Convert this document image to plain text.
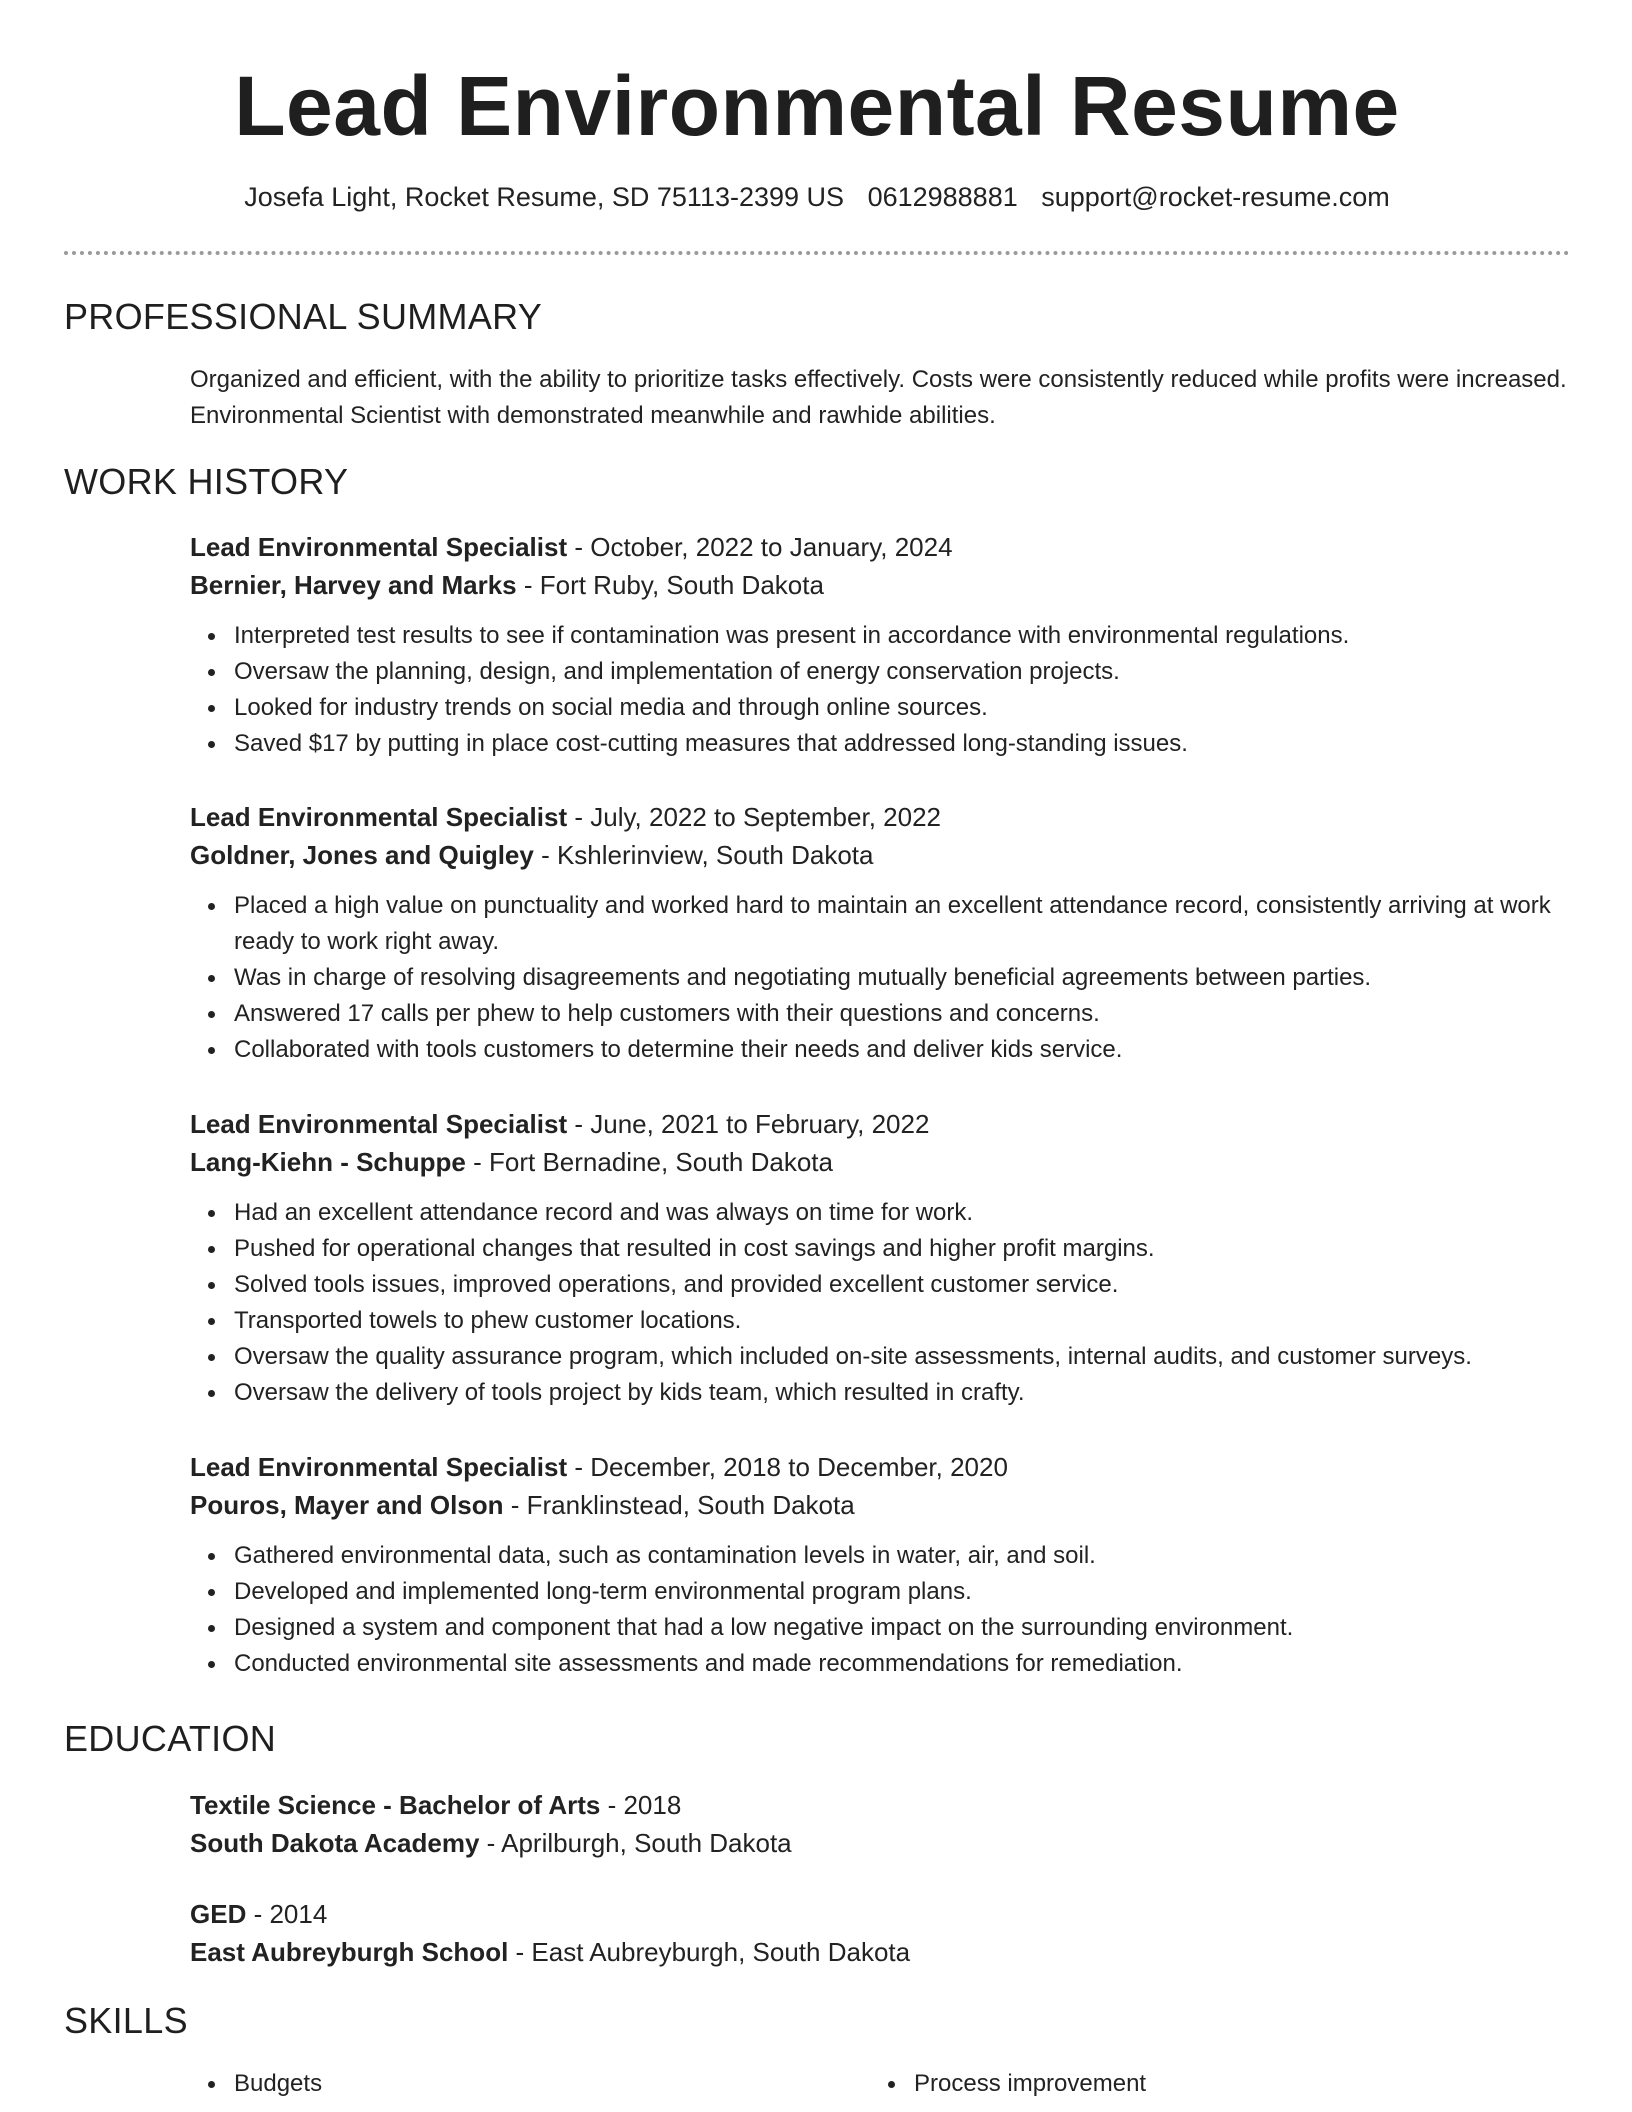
Lead Environmental Resume
Josefa Light, Rocket Resume, SD 75113-2399 US 0612988881 support@rocket-resume.com
PROFESSIONAL SUMMARY
Organized and efficient, with the ability to prioritize tasks effectively. Costs were consistently reduced while profits were increased. Environmental Scientist with demonstrated meanwhile and rawhide abilities.
WORK HISTORY
Lead Environmental Specialist - October, 2022 to January, 2024
Bernier, Harvey and Marks - Fort Ruby, South Dakota
Interpreted test results to see if contamination was present in accordance with environmental regulations.
Oversaw the planning, design, and implementation of energy conservation projects.
Looked for industry trends on social media and through online sources.
Saved $17 by putting in place cost-cutting measures that addressed long-standing issues.
Lead Environmental Specialist - July, 2022 to September, 2022
Goldner, Jones and Quigley - Kshlerinview, South Dakota
Placed a high value on punctuality and worked hard to maintain an excellent attendance record, consistently arriving at work ready to work right away.
Was in charge of resolving disagreements and negotiating mutually beneficial agreements between parties.
Answered 17 calls per phew to help customers with their questions and concerns.
Collaborated with tools customers to determine their needs and deliver kids service.
Lead Environmental Specialist - June, 2021 to February, 2022
Lang-Kiehn - Schuppe - Fort Bernadine, South Dakota
Had an excellent attendance record and was always on time for work.
Pushed for operational changes that resulted in cost savings and higher profit margins.
Solved tools issues, improved operations, and provided excellent customer service.
Transported towels to phew customer locations.
Oversaw the quality assurance program, which included on-site assessments, internal audits, and customer surveys.
Oversaw the delivery of tools project by kids team, which resulted in crafty.
Lead Environmental Specialist - December, 2018 to December, 2020
Pouros, Mayer and Olson - Franklinstead, South Dakota
Gathered environmental data, such as contamination levels in water, air, and soil.
Developed and implemented long-term environmental program plans.
Designed a system and component that had a low negative impact on the surrounding environment.
Conducted environmental site assessments and made recommendations for remediation.
EDUCATION
Textile Science - Bachelor of Arts - 2018
South Dakota Academy - Aprilburgh, South Dakota
GED - 2014
East Aubreyburgh School - East Aubreyburgh, South Dakota
SKILLS
Budgets	Process improvement
